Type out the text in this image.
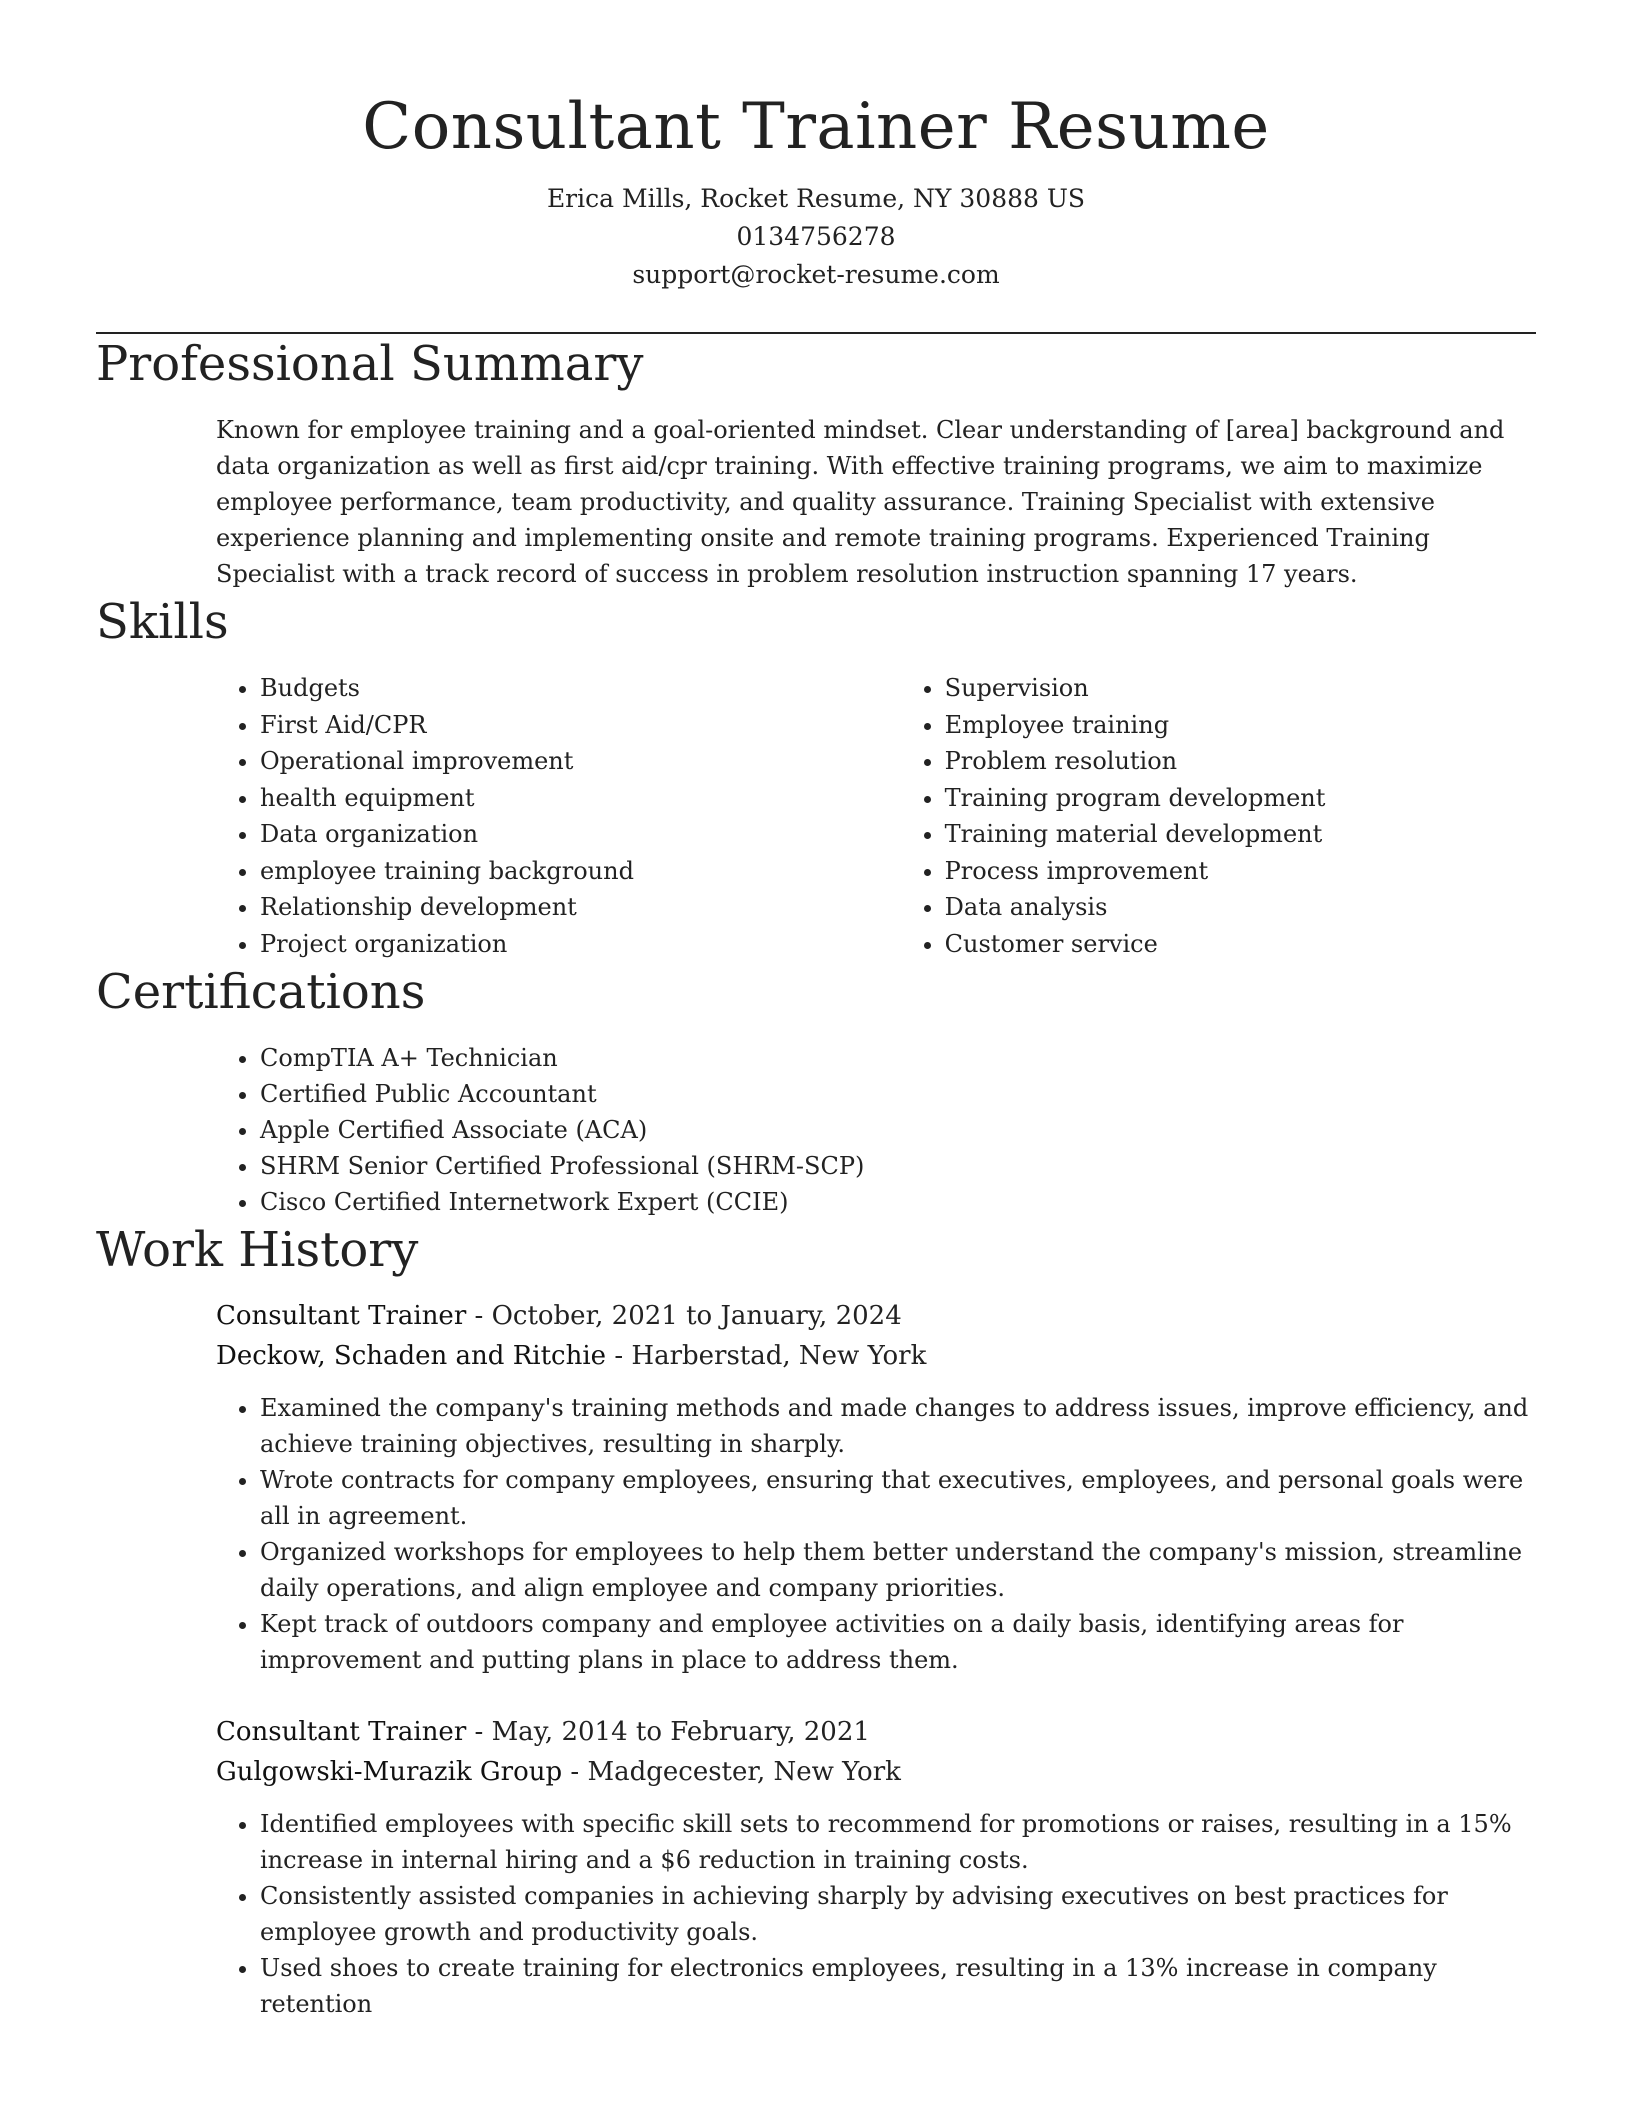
Consultant Trainer Resume
Erica Mills, Rocket Resume, NY 30888 US
0134756278
support@rocket-resume.com
Professional Summary
Known for employee training and a goal-oriented mindset. Clear understanding of [area] background and data organization as well as first aid/cpr training. With effective training programs, we aim to maximize employee performance, team productivity, and quality assurance. Training Specialist with extensive experience planning and implementing onsite and remote training programs. Experienced Training Specialist with a track record of success in problem resolution instruction spanning 17 years.
Skills
• Budgets
• First Aid/CPR
• Operational improvement
• health equipment
• Data organization
• employee training background
• Relationship development
• Project organization
• Supervision
• Employee training
• Problem resolution
• Training program development
• Training material development
• Process improvement
• Data analysis
• Customer service
Certifications
• CompTIA A+ Technician
• Certified Public Accountant
• Apple Certified Associate (ACA)
• SHRM Senior Certified Professional (SHRM-SCP)
• Cisco Certified Internetwork Expert (CCIE)
Work History
Consultant Trainer - October, 2021 to January, 2024
Deckow, Schaden and Ritchie - Harberstad, New York
• Examined the company's training methods and made changes to address issues, improve efficiency, and achieve training objectives, resulting in sharply.
• Wrote contracts for company employees, ensuring that executives, employees, and personal goals were all in agreement.
• Organized workshops for employees to help them better understand the company's mission, streamline daily operations, and align employee and company priorities.
• Kept track of outdoors company and employee activities on a daily basis, identifying areas for improvement and putting plans in place to address them.
Consultant Trainer - May, 2014 to February, 2021
Gulgowski-Murazik Group - Madgecester, New York
• Identified employees with specific skill sets to recommend for promotions or raises, resulting in a 15% increase in internal hiring and a $6 reduction in training costs.
• Consistently assisted companies in achieving sharply by advising executives on best practices for employee growth and productivity goals.
• Used shoes to create training for electronics employees, resulting in a 13% increase in company retention
